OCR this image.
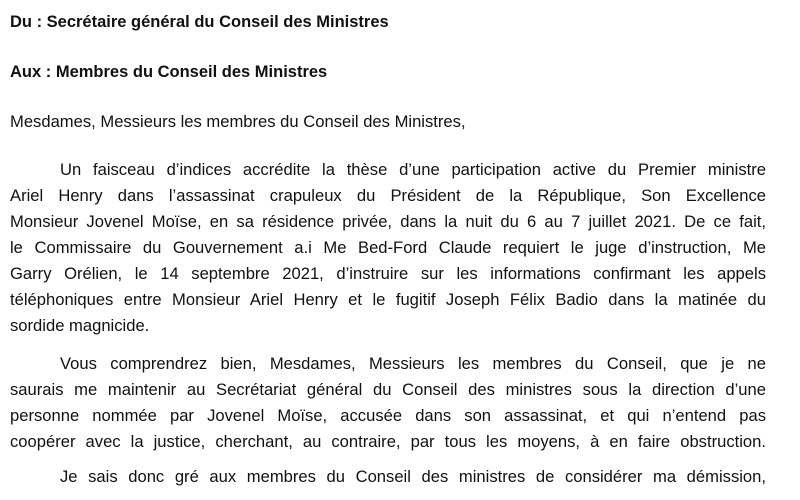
Du : Secrétaire général du Conseil des Ministres
Aux : Membres du Conseil des Ministres
Mesdames, Messieurs les membres du Conseil des Ministres,
Un faisceau d’indices accrédite la thèse d’une participation active du Premier ministre
Ariel Henry dans l’assassinat crapuleux du Président de la République, Son Excellence
Monsieur Jovenel Moïse, en sa résidence privée, dans la nuit du 6 au 7 juillet 2021. De ce fait,
le Commissaire du Gouvernement a.i Me Bed-Ford Claude requiert le juge d’instruction, Me
Garry Orélien, le 14 septembre 2021, d’instruire sur les informations confirmant les appels
téléphoniques entre Monsieur Ariel Henry et le fugitif Joseph Félix Badio dans la matinée du
sordide magnicide.
Vous comprendrez bien, Mesdames, Messieurs les membres du Conseil, que je ne
saurais me maintenir au Secrétariat général du Conseil des ministres sous la direction d’une
personne nommée par Jovenel Moïse, accusée dans son assassinat, et qui n’entend pas
coopérer avec la justice, cherchant, au contraire, par tous les moyens, à en faire obstruction.
Je sais donc gré aux membres du Conseil des ministres de considérer ma démission,
